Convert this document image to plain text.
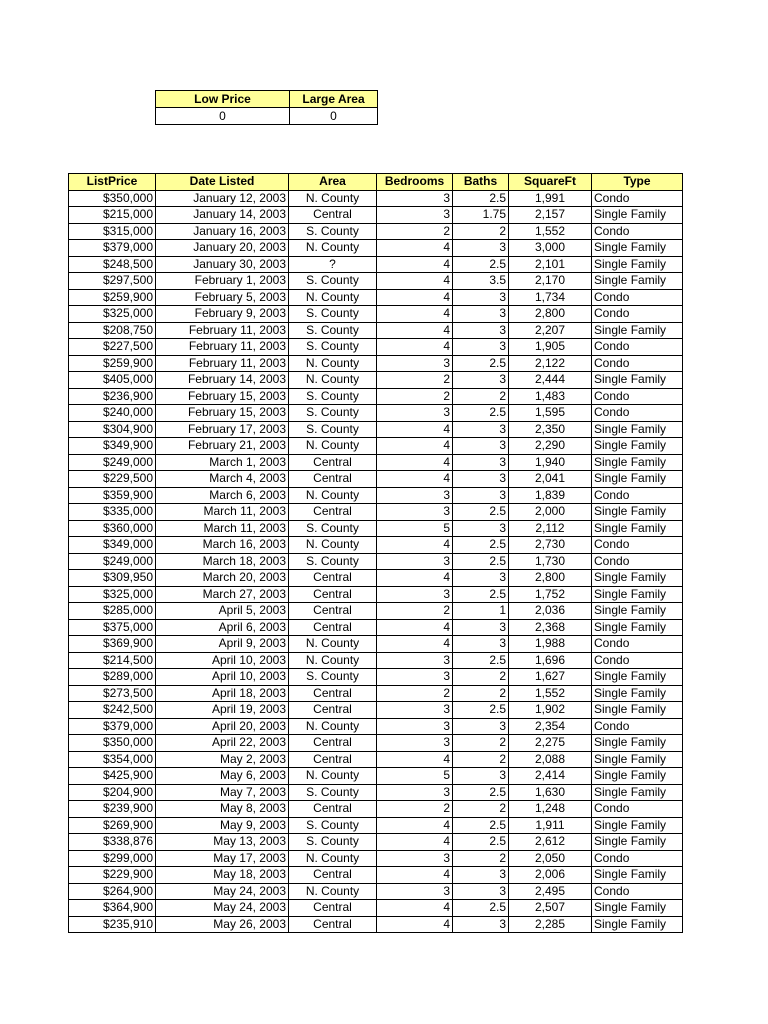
Low Price	Large Area
0	0
ListPrice	Date Listed	Area	Bedrooms	Baths	SquareFt	Type
$350,000	January 12, 2003	N. County	3	2.5	1,991	Condo
$215,000	January 14, 2003	Central	3	1.75	2,157	Single Family
$315,000	January 16, 2003	S. County	2	2	1,552	Condo
$379,000	January 20, 2003	N. County	4	3	3,000	Single Family
$248,500	January 30, 2003	?	4	2.5	2,101	Single Family
$297,500	February 1, 2003	S. County	4	3.5	2,170	Single Family
$259,900	February 5, 2003	N. County	4	3	1,734	Condo
$325,000	February 9, 2003	S. County	4	3	2,800	Condo
$208,750	February 11, 2003	S. County	4	3	2,207	Single Family
$227,500	February 11, 2003	S. County	4	3	1,905	Condo
$259,900	February 11, 2003	N. County	3	2.5	2,122	Condo
$405,000	February 14, 2003	N. County	2	3	2,444	Single Family
$236,900	February 15, 2003	S. County	2	2	1,483	Condo
$240,000	February 15, 2003	S. County	3	2.5	1,595	Condo
$304,900	February 17, 2003	S. County	4	3	2,350	Single Family
$349,900	February 21, 2003	N. County	4	3	2,290	Single Family
$249,000	March 1, 2003	Central	4	3	1,940	Single Family
$229,500	March 4, 2003	Central	4	3	2,041	Single Family
$359,900	March 6, 2003	N. County	3	3	1,839	Condo
$335,000	March 11, 2003	Central	3	2.5	2,000	Single Family
$360,000	March 11, 2003	S. County	5	3	2,112	Single Family
$349,000	March 16, 2003	N. County	4	2.5	2,730	Condo
$249,000	March 18, 2003	S. County	3	2.5	1,730	Condo
$309,950	March 20, 2003	Central	4	3	2,800	Single Family
$325,000	March 27, 2003	Central	3	2.5	1,752	Single Family
$285,000	April 5, 2003	Central	2	1	2,036	Single Family
$375,000	April 6, 2003	Central	4	3	2,368	Single Family
$369,900	April 9, 2003	N. County	4	3	1,988	Condo
$214,500	April 10, 2003	N. County	3	2.5	1,696	Condo
$289,000	April 10, 2003	S. County	3	2	1,627	Single Family
$273,500	April 18, 2003	Central	2	2	1,552	Single Family
$242,500	April 19, 2003	Central	3	2.5	1,902	Single Family
$379,000	April 20, 2003	N. County	3	3	2,354	Condo
$350,000	April 22, 2003	Central	3	2	2,275	Single Family
$354,000	May 2, 2003	Central	4	2	2,088	Single Family
$425,900	May 6, 2003	N. County	5	3	2,414	Single Family
$204,900	May 7, 2003	S. County	3	2.5	1,630	Single Family
$239,900	May 8, 2003	Central	2	2	1,248	Condo
$269,900	May 9, 2003	S. County	4	2.5	1,911	Single Family
$338,876	May 13, 2003	S. County	4	2.5	2,612	Single Family
$299,000	May 17, 2003	N. County	3	2	2,050	Condo
$229,900	May 18, 2003	Central	4	3	2,006	Single Family
$264,900	May 24, 2003	N. County	3	3	2,495	Condo
$364,900	May 24, 2003	Central	4	2.5	2,507	Single Family
$235,910	May 26, 2003	Central	4	3	2,285	Single Family
